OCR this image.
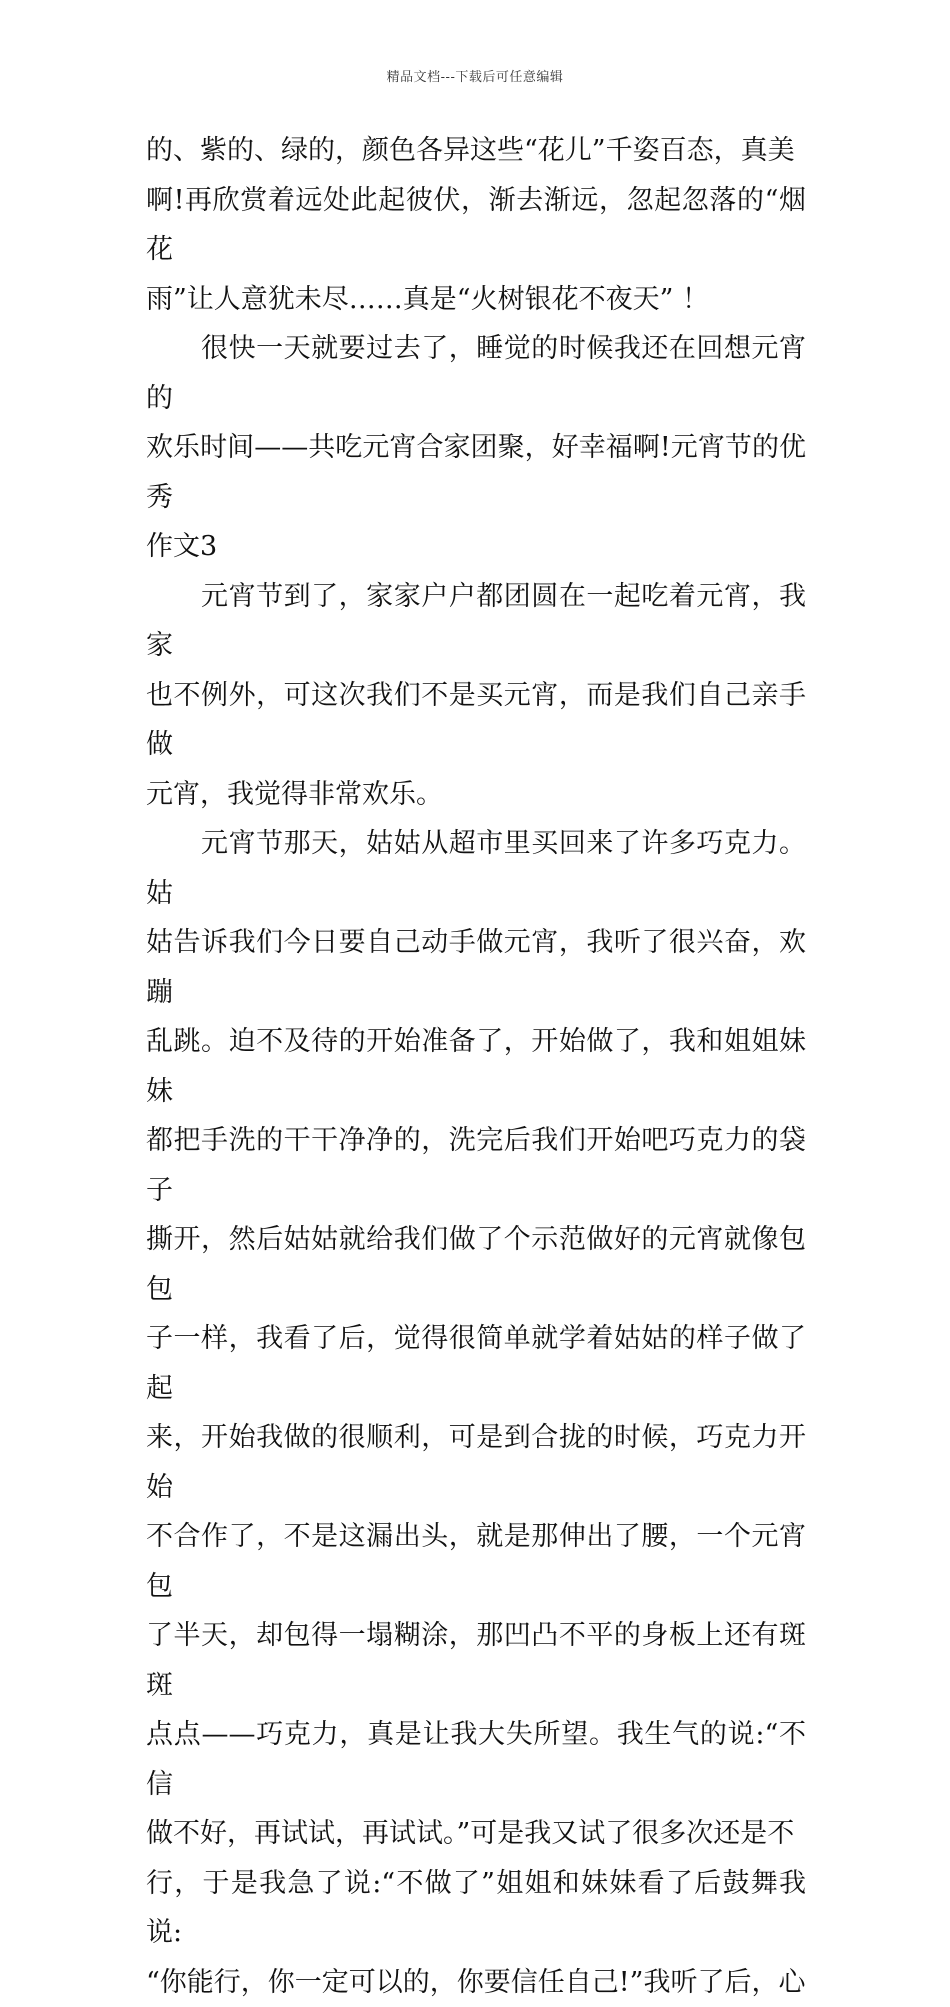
精品文档---下载后可任意编辑

的、紫的、绿的，颜色各异这些“花儿”千姿百态，真美
啊!再欣赏着远处此起彼伏，渐去渐远，忽起忽落的“烟花
雨”让人意犹未尽……真是“火树银花不夜天” ！

　　很快一天就要过去了，睡觉的时候我还在回想元宵的
欢乐时间——共吃元宵合家团聚，好幸福啊!元宵节的优秀
作文3

　　元宵节到了，家家户户都团圆在一起吃着元宵，我家
也不例外，可这次我们不是买元宵，而是我们自己亲手做
元宵，我觉得非常欢乐。

　　元宵节那天，姑姑从超市里买回来了许多巧克力。姑
姑告诉我们今日要自己动手做元宵，我听了很兴奋，欢蹦
乱跳。迫不及待的开始准备了，开始做了，我和姐姐妹妹
都把手洗的干干净净的，洗完后我们开始吧巧克力的袋子
撕开，然后姑姑就给我们做了个示范做好的元宵就像包包
子一样，我看了后，觉得很简单就学着姑姑的样子做了起
来，开始我做的很顺利，可是到合拢的时候，巧克力开始
不合作了，不是这漏出头，就是那伸出了腰，一个元宵包
了半天，却包得一塌糊涂，那凹凸不平的身板上还有斑斑
点点——巧克力，真是让我大失所望。我生气的说:“不信
做不好，再试试，再试试。”可是我又试了很多次还是不
行，于是我急了说:“不做了”姐姐和妹妹看了后鼓舞我说:
“你能行，你一定可以的，你要信任自己!”我听了后，心
